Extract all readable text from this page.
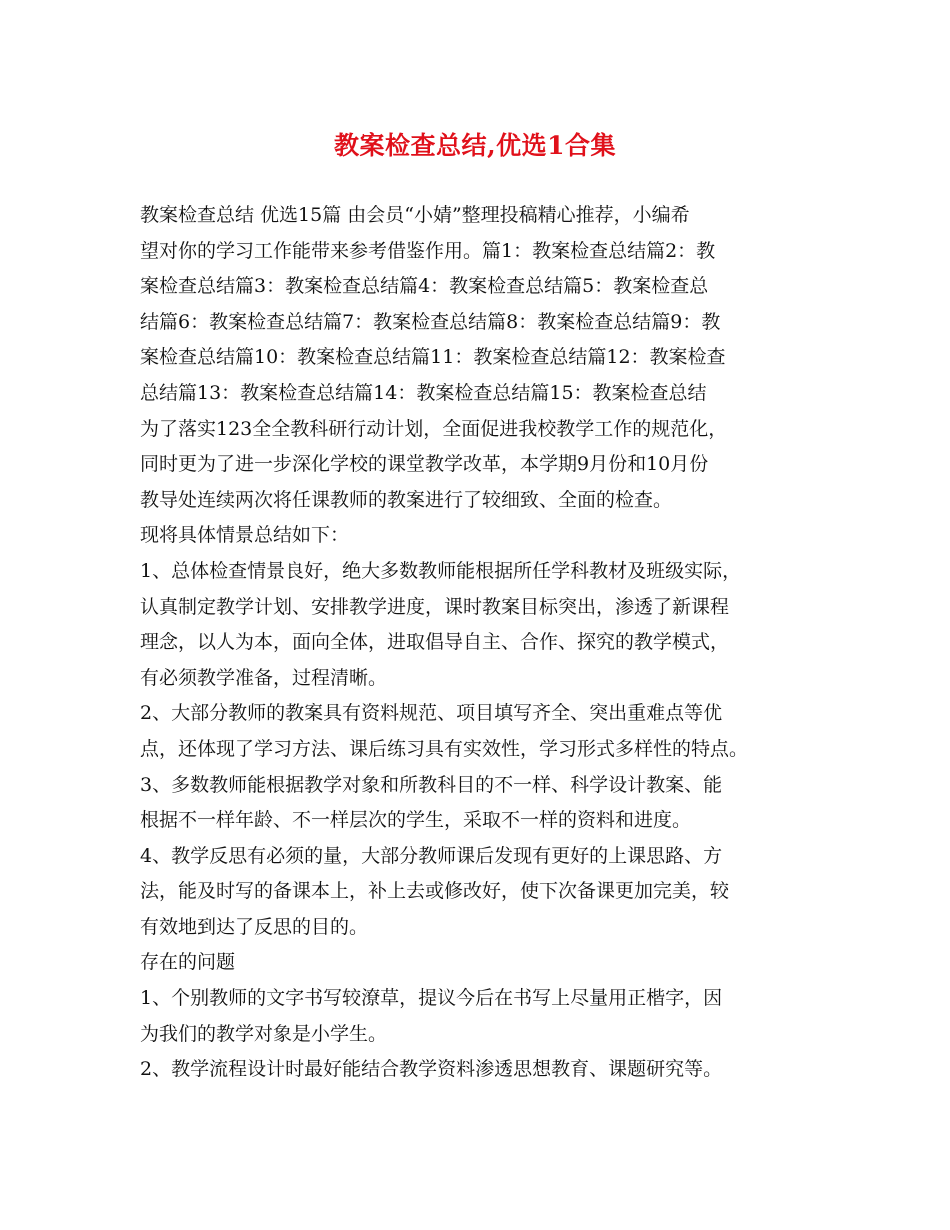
教案检查总结,优选1合集
教案检查总结 优选15篇 由会员“小婧”整理投稿精心推荐，小编希
望对你的学习工作能带来参考借鉴作用。篇1：教案检查总结篇2：教
案检查总结篇3：教案检查总结篇4：教案检查总结篇5：教案检查总
结篇6：教案检查总结篇7：教案检查总结篇8：教案检查总结篇9：教
案检查总结篇10：教案检查总结篇11：教案检查总结篇12：教案检查
总结篇13：教案检查总结篇14：教案检查总结篇15：教案检查总结
为了落实123全全教科研行动计划，全面促进我校教学工作的规范化，
同时更为了进一步深化学校的课堂教学改革，本学期9月份和10月份
教导处连续两次将任课教师的教案进行了较细致、全面的检查。
现将具体情景总结如下：
1、总体检查情景良好，绝大多数教师能根据所任学科教材及班级实际，
认真制定教学计划、安排教学进度，课时教案目标突出，渗透了新课程
理念，以人为本，面向全体，进取倡导自主、合作、探究的教学模式，
有必须教学准备，过程清晰。
2、大部分教师的教案具有资料规范、项目填写齐全、突出重难点等优
点，还体现了学习方法、课后练习具有实效性，学习形式多样性的特点。
3、多数教师能根据教学对象和所教科目的不一样、科学设计教案、能
根据不一样年龄、不一样层次的学生，采取不一样的资料和进度。
4、教学反思有必须的量，大部分教师课后发现有更好的上课思路、方
法，能及时写的备课本上，补上去或修改好，使下次备课更加完美，较
有效地到达了反思的目的。
存在的问题
1、个别教师的文字书写较潦草，提议今后在书写上尽量用正楷字，因
为我们的教学对象是小学生。
2、教学流程设计时最好能结合教学资料渗透思想教育、课题研究等。
